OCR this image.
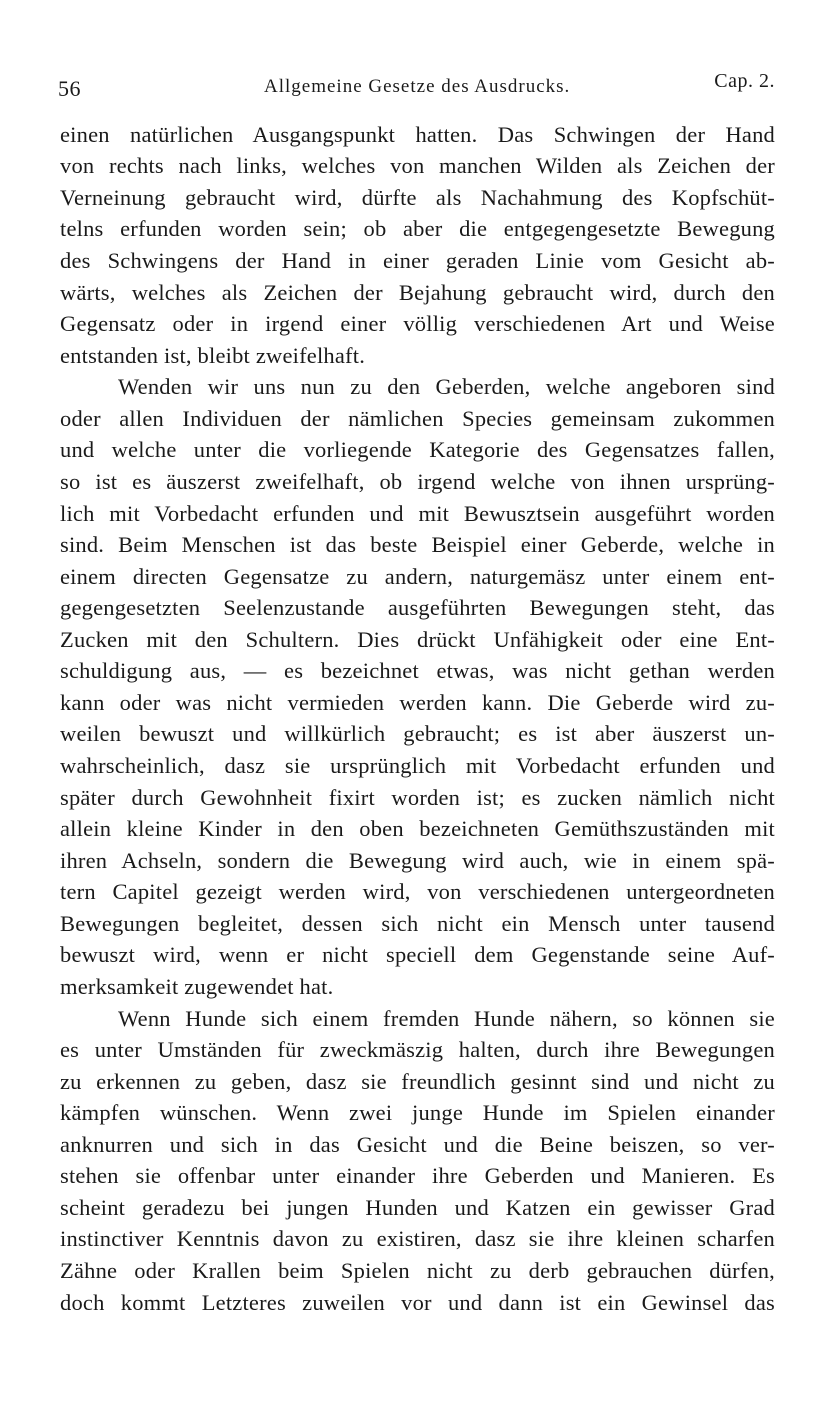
56	Allgemeine Gesetze des Ausdrucks.	Cap. 2.
einen natürlichen Ausgangspunkt hatten. Das Schwingen der Hand
von rechts nach links, welches von manchen Wilden als Zeichen der
Verneinung gebraucht wird, dürfte als Nachahmung des Kopfschüt-
telns erfunden worden sein; ob aber die entgegengesetzte Bewegung
des Schwingens der Hand in einer geraden Linie vom Gesicht ab-
wärts, welches als Zeichen der Bejahung gebraucht wird, durch den
Gegensatz oder in irgend einer völlig verschiedenen Art und Weise
entstanden ist, bleibt zweifelhaft.
Wenden wir uns nun zu den Geberden, welche angeboren sind
oder allen Individuen der nämlichen Species gemeinsam zukommen
und welche unter die vorliegende Kategorie des Gegensatzes fallen,
so ist es äuszerst zweifelhaft, ob irgend welche von ihnen ursprüng-
lich mit Vorbedacht erfunden und mit Bewusztsein ausgeführt worden
sind. Beim Menschen ist das beste Beispiel einer Geberde, welche in
einem directen Gegensatze zu andern, naturgemäsz unter einem ent-
gegengesetzten Seelenzustande ausgeführten Bewegungen steht, das
Zucken mit den Schultern. Dies drückt Unfähigkeit oder eine Ent-
schuldigung aus, — es bezeichnet etwas, was nicht gethan werden
kann oder was nicht vermieden werden kann. Die Geberde wird zu-
weilen bewuszt und willkürlich gebraucht; es ist aber äuszerst un-
wahrscheinlich, dasz sie ursprünglich mit Vorbedacht erfunden und
später durch Gewohnheit fixirt worden ist; es zucken nämlich nicht
allein kleine Kinder in den oben bezeichneten Gemüthszuständen mit
ihren Achseln, sondern die Bewegung wird auch, wie in einem spä-
tern Capitel gezeigt werden wird, von verschiedenen untergeordneten
Bewegungen begleitet, dessen sich nicht ein Mensch unter tausend
bewuszt wird, wenn er nicht speciell dem Gegenstande seine Auf-
merksamkeit zugewendet hat.
Wenn Hunde sich einem fremden Hunde nähern, so können sie
es unter Umständen für zweckmäszig halten, durch ihre Bewegungen
zu erkennen zu geben, dasz sie freundlich gesinnt sind und nicht zu
kämpfen wünschen. Wenn zwei junge Hunde im Spielen einander
anknurren und sich in das Gesicht und die Beine beiszen, so ver-
stehen sie offenbar unter einander ihre Geberden und Manieren. Es
scheint geradezu bei jungen Hunden und Katzen ein gewisser Grad
instinctiver Kenntnis davon zu existiren, dasz sie ihre kleinen scharfen
Zähne oder Krallen beim Spielen nicht zu derb gebrauchen dürfen,
doch kommt Letzteres zuweilen vor und dann ist ein Gewinsel das
